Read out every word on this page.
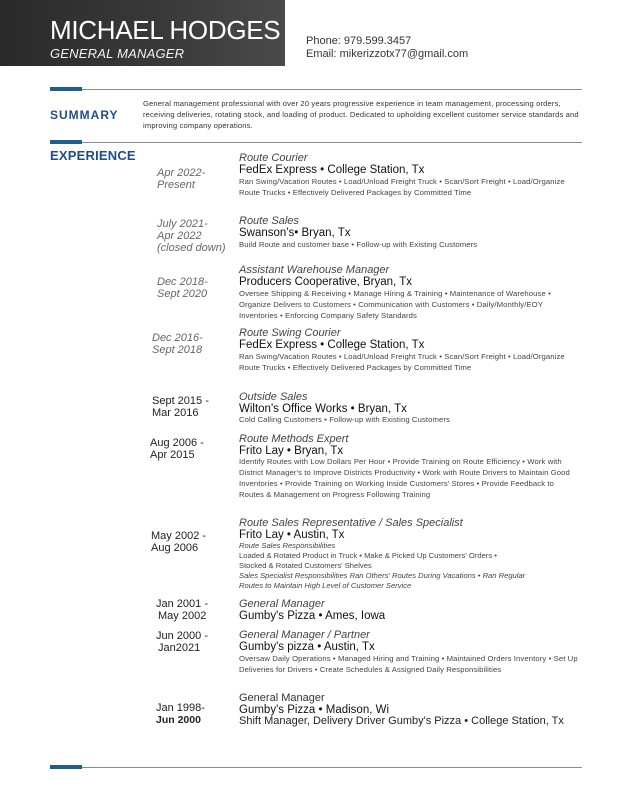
MICHAEL HODGES
GENERAL MANAGER
Phone: 979.599.3457
Email: mikerizzotx77@gmail.com
SUMMARY
General management professional with over 20 years progressive experience in team management, processing orders, receiving deliveries, rotating stock, and loading of product. Dedicated to upholding excellent customer service standards and improving company operations.
EXPERIENCE
Apr 2022-
Present
Route Courier
FedEx Express • College Station, Tx
Ran Swing/Vacation Routes • Load/Unload Freight Truck • Scan/Sort Freight • Load/Organize Route Trucks • Effectively Delivered Packages by Committed Time
July 2021-
Apr 2022
(closed down)
Route Sales
Swanson's• Bryan, Tx
Build Route and customer base • Follow-up with Existing Customers
Dec 2018-
Sept 2020
Assistant Warehouse Manager
Producers Cooperative, Bryan, Tx
Oversee Shipping & Receiving • Manage Hiring & Training • Maintenance of Warehouse • Organize Delivers to Customers • Communication with Customers • Daily/Monthly/EOY Inventories • Enforcing Company Safety Standards
Dec 2016-
Sept 2018
Route Swing Courier
FedEx Express • College Station, Tx
Ran Swing/Vacation Routes • Load/Unload Freight Truck • Scan/Sort Freight • Load/Organize Route Trucks • Effectively Delivered Packages by Committed Time
Sept 2015 -
Mar 2016
Outside Sales
Wilton's Office Works • Bryan, Tx
Cold Calling Customers • Follow-up with Existing Customers
Aug 2006 -
Apr 2015
Route Methods Expert
Frito Lay • Bryan, Tx
Identify Routes with Low Dollars Per Hour • Provide Training on Route Efficiency • Work with District Manager's to Improve Districts Productivity • Work with Route Drivers to Maintain Good Inventories • Provide Training on Working Inside Customers' Stores • Provide Feedback to Routes & Management on Progress Following Training
May 2002 -
Aug 2006
Route Sales Representative / Sales Specialist
Frito Lay • Austin, Tx
Route Sales Responsibilities
Loaded & Rotated Product in Truck • Make & Picked Up Customers' Orders •
Stocked & Rotated Customers' Shelves
Sales Specialist Responsibilities Ran Others' Routes During Vacations • Ran Regular
Routes to Maintain High Level of Customer Service
Jan 2001 -
May 2002
General Manager
Gumby's Pizza • Ames, Iowa
Jun 2000 -
Jan2021
General Manager / Partner
Gumby's pizza • Austin, Tx
Oversaw Daily Operations • Managed Hiring and Training • Maintained Orders Inventory • Set Up Deliveries for Drivers • Create Schedules & Assigned Daily Responsibilities
Jan 1998-
Jun 2000
General Manager
Gumby's Pizza • Madison, Wi
Shift Manager, Delivery Driver Gumby's Pizza • College Station, Tx
